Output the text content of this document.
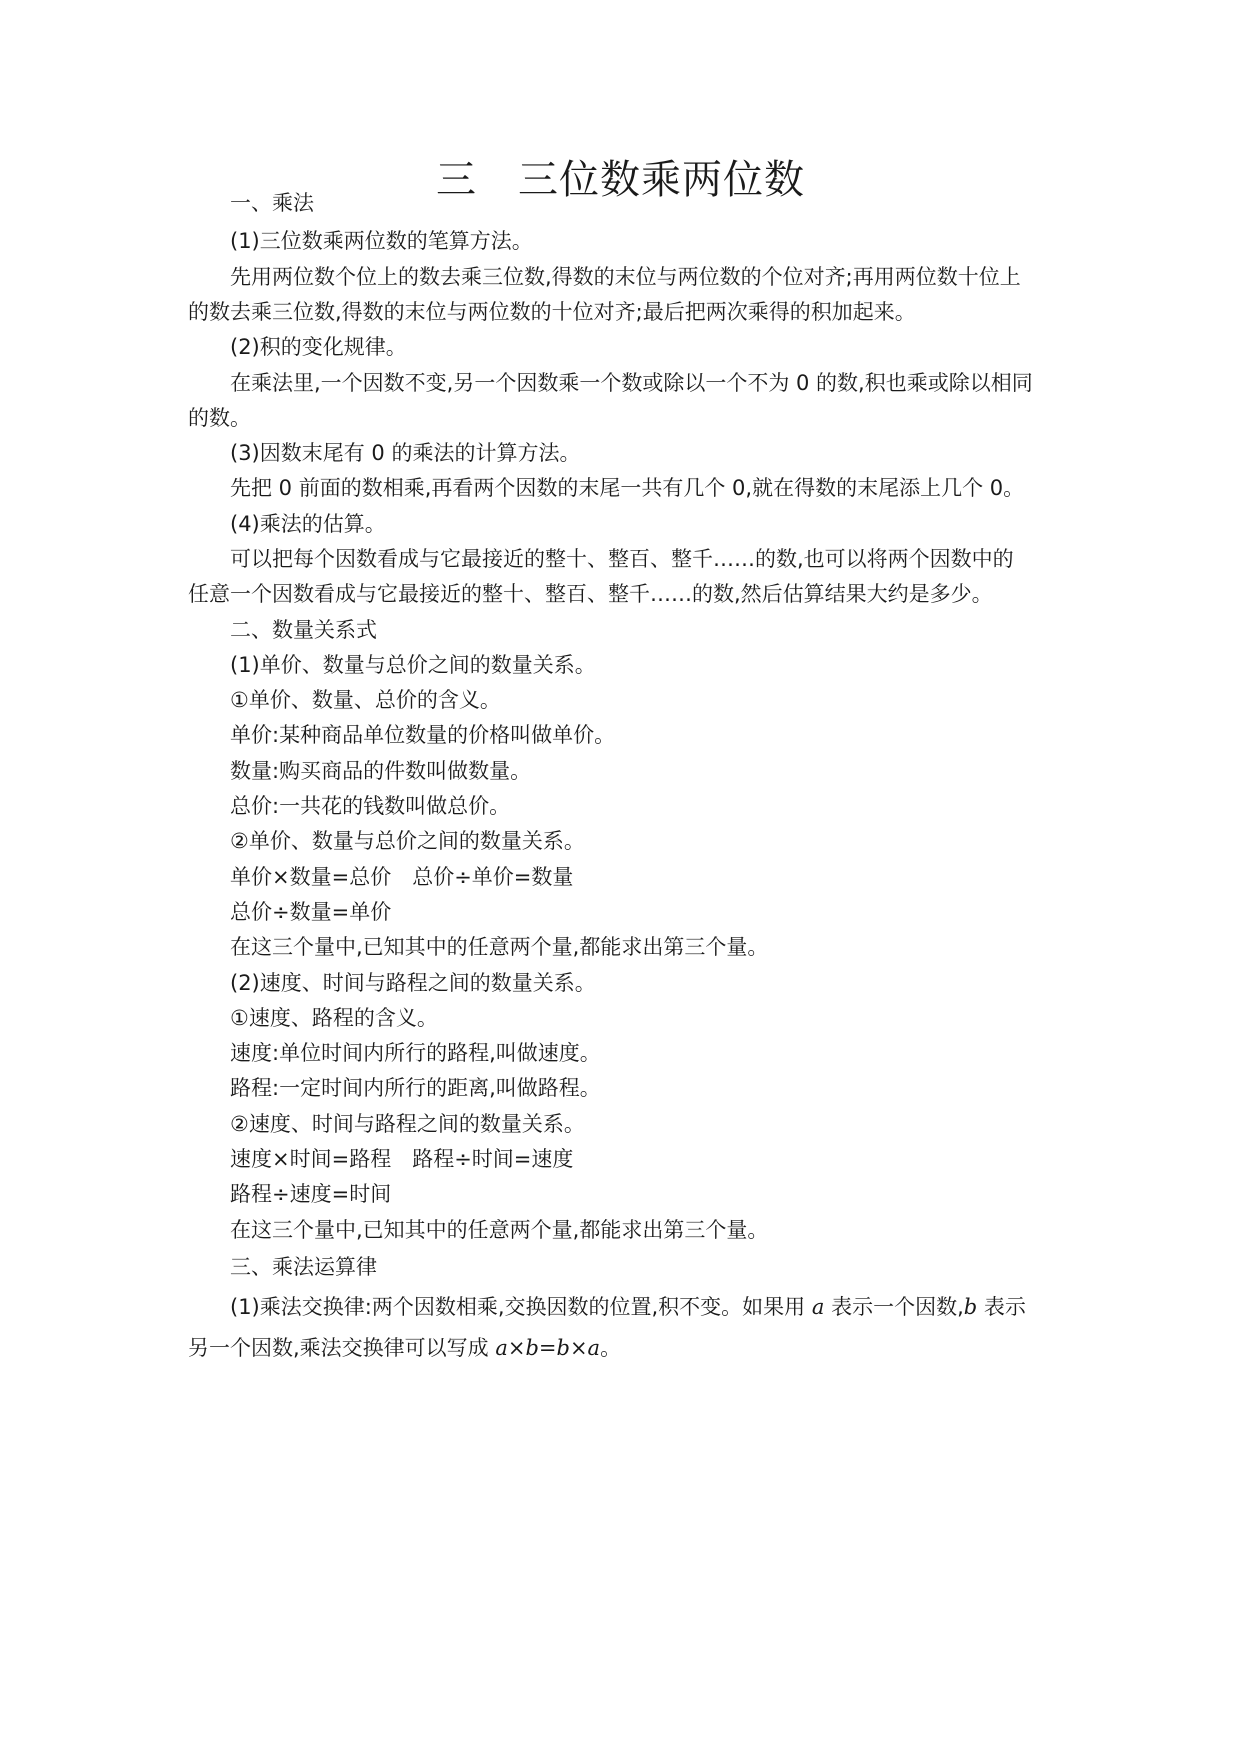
三　三位数乘两位数
一、乘法
(1)三位数乘两位数的笔算方法。
先用两位数个位上的数去乘三位数,得数的末位与两位数的个位对齐;再用两位数十位上
的数去乘三位数,得数的末位与两位数的十位对齐;最后把两次乘得的积加起来。
(2)积的变化规律。
在乘法里,一个因数不变,另一个因数乘一个数或除以一个不为 0 的数,积也乘或除以相同
的数。
(3)因数末尾有 0 的乘法的计算方法。
先把 0 前面的数相乘,再看两个因数的末尾一共有几个 0,就在得数的末尾添上几个 0。
(4)乘法的估算。
可以把每个因数看成与它最接近的整十、整百、整千……的数,也可以将两个因数中的
任意一个因数看成与它最接近的整十、整百、整千……的数,然后估算结果大约是多少。
二、数量关系式
(1)单价、数量与总价之间的数量关系。
①单价、数量、总价的含义。
单价:某种商品单位数量的价格叫做单价。
数量:购买商品的件数叫做数量。
总价:一共花的钱数叫做总价。
②单价、数量与总价之间的数量关系。
单价×数量=总价　总价÷单价=数量
总价÷数量=单价
在这三个量中,已知其中的任意两个量,都能求出第三个量。
(2)速度、时间与路程之间的数量关系。
①速度、路程的含义。
速度:单位时间内所行的路程,叫做速度。
路程:一定时间内所行的距离,叫做路程。
②速度、时间与路程之间的数量关系。
速度×时间=路程　路程÷时间=速度
路程÷速度=时间
在这三个量中,已知其中的任意两个量,都能求出第三个量。
三、乘法运算律
(1)乘法交换律:两个因数相乘,交换因数的位置,积不变。如果用 a 表示一个因数,b 表示
另一个因数,乘法交换律可以写成 a×b=b×a。
